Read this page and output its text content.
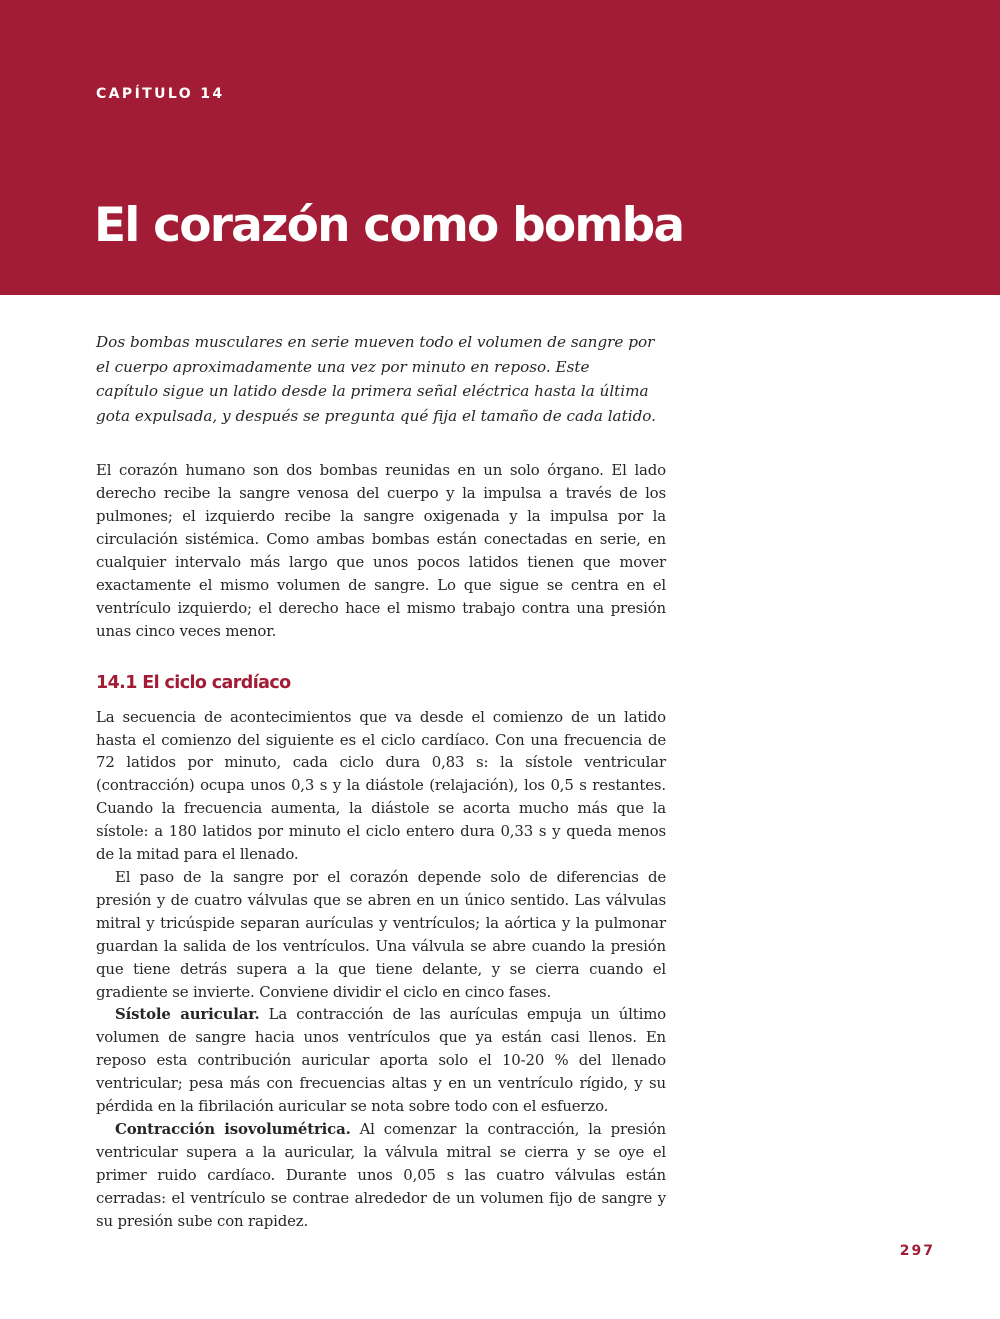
CAPÍTULO 14

El corazón como bomba

Dos bombas musculares en serie mueven todo el volumen de sangre por el cuerpo aproximadamente una vez por minuto en reposo. Este capítulo sigue un latido desde la primera señal eléctrica hasta la última gota expulsada, y después se pregunta qué fija el tamaño de cada latido.

El corazón humano son dos bombas reunidas en un solo órgano. El lado derecho recibe la sangre venosa del cuerpo y la impulsa a través de los pulmones; el izquierdo recibe la sangre oxigenada y la impulsa por la circulación sistémica. Como ambas bombas están conectadas en serie, en cualquier intervalo más largo que unos pocos latidos tienen que mover exactamente el mismo volumen de sangre. Lo que sigue se centra en el ventrículo izquierdo; el derecho hace el mismo trabajo contra una presión unas cinco veces menor.

14.1 El ciclo cardíaco

La secuencia de acontecimientos que va desde el comienzo de un latido hasta el comienzo del siguiente es el ciclo cardíaco. Con una frecuencia de 72 latidos por minuto, cada ciclo dura 0,83 s: la sístole ventricular (contracción) ocupa unos 0,3 s y la diástole (relajación), los 0,5 s restantes. Cuando la frecuencia aumenta, la diástole se acorta mucho más que la sístole: a 180 latidos por minuto el ciclo entero dura 0,33 s y queda menos de la mitad para el llenado.

El paso de la sangre por el corazón depende solo de diferencias de presión y de cuatro válvulas que se abren en un único sentido. Las válvulas mitral y tricúspide separan aurículas y ventrículos; la aórtica y la pulmonar guardan la salida de los ventrículos. Una válvula se abre cuando la presión que tiene detrás supera a la que tiene delante, y se cierra cuando el gradiente se invierte. Conviene dividir el ciclo en cinco fases.

Sístole auricular. La contracción de las aurículas empuja un último volumen de sangre hacia unos ventrículos que ya están casi llenos. En reposo esta contribución auricular aporta solo el 10-20 % del llenado ventricular; pesa más con frecuencias altas y en un ventrículo rígido, y su pérdida en la fibrilación auricular se nota sobre todo con el esfuerzo.

Contracción isovolumétrica. Al comenzar la contracción, la presión ventricular supera a la auricular, la válvula mitral se cierra y se oye el primer ruido cardíaco. Durante unos 0,05 s las cuatro válvulas están cerradas: el ventrículo se contrae alrededor de un volumen fijo de sangre y su presión sube con rapidez.

297
